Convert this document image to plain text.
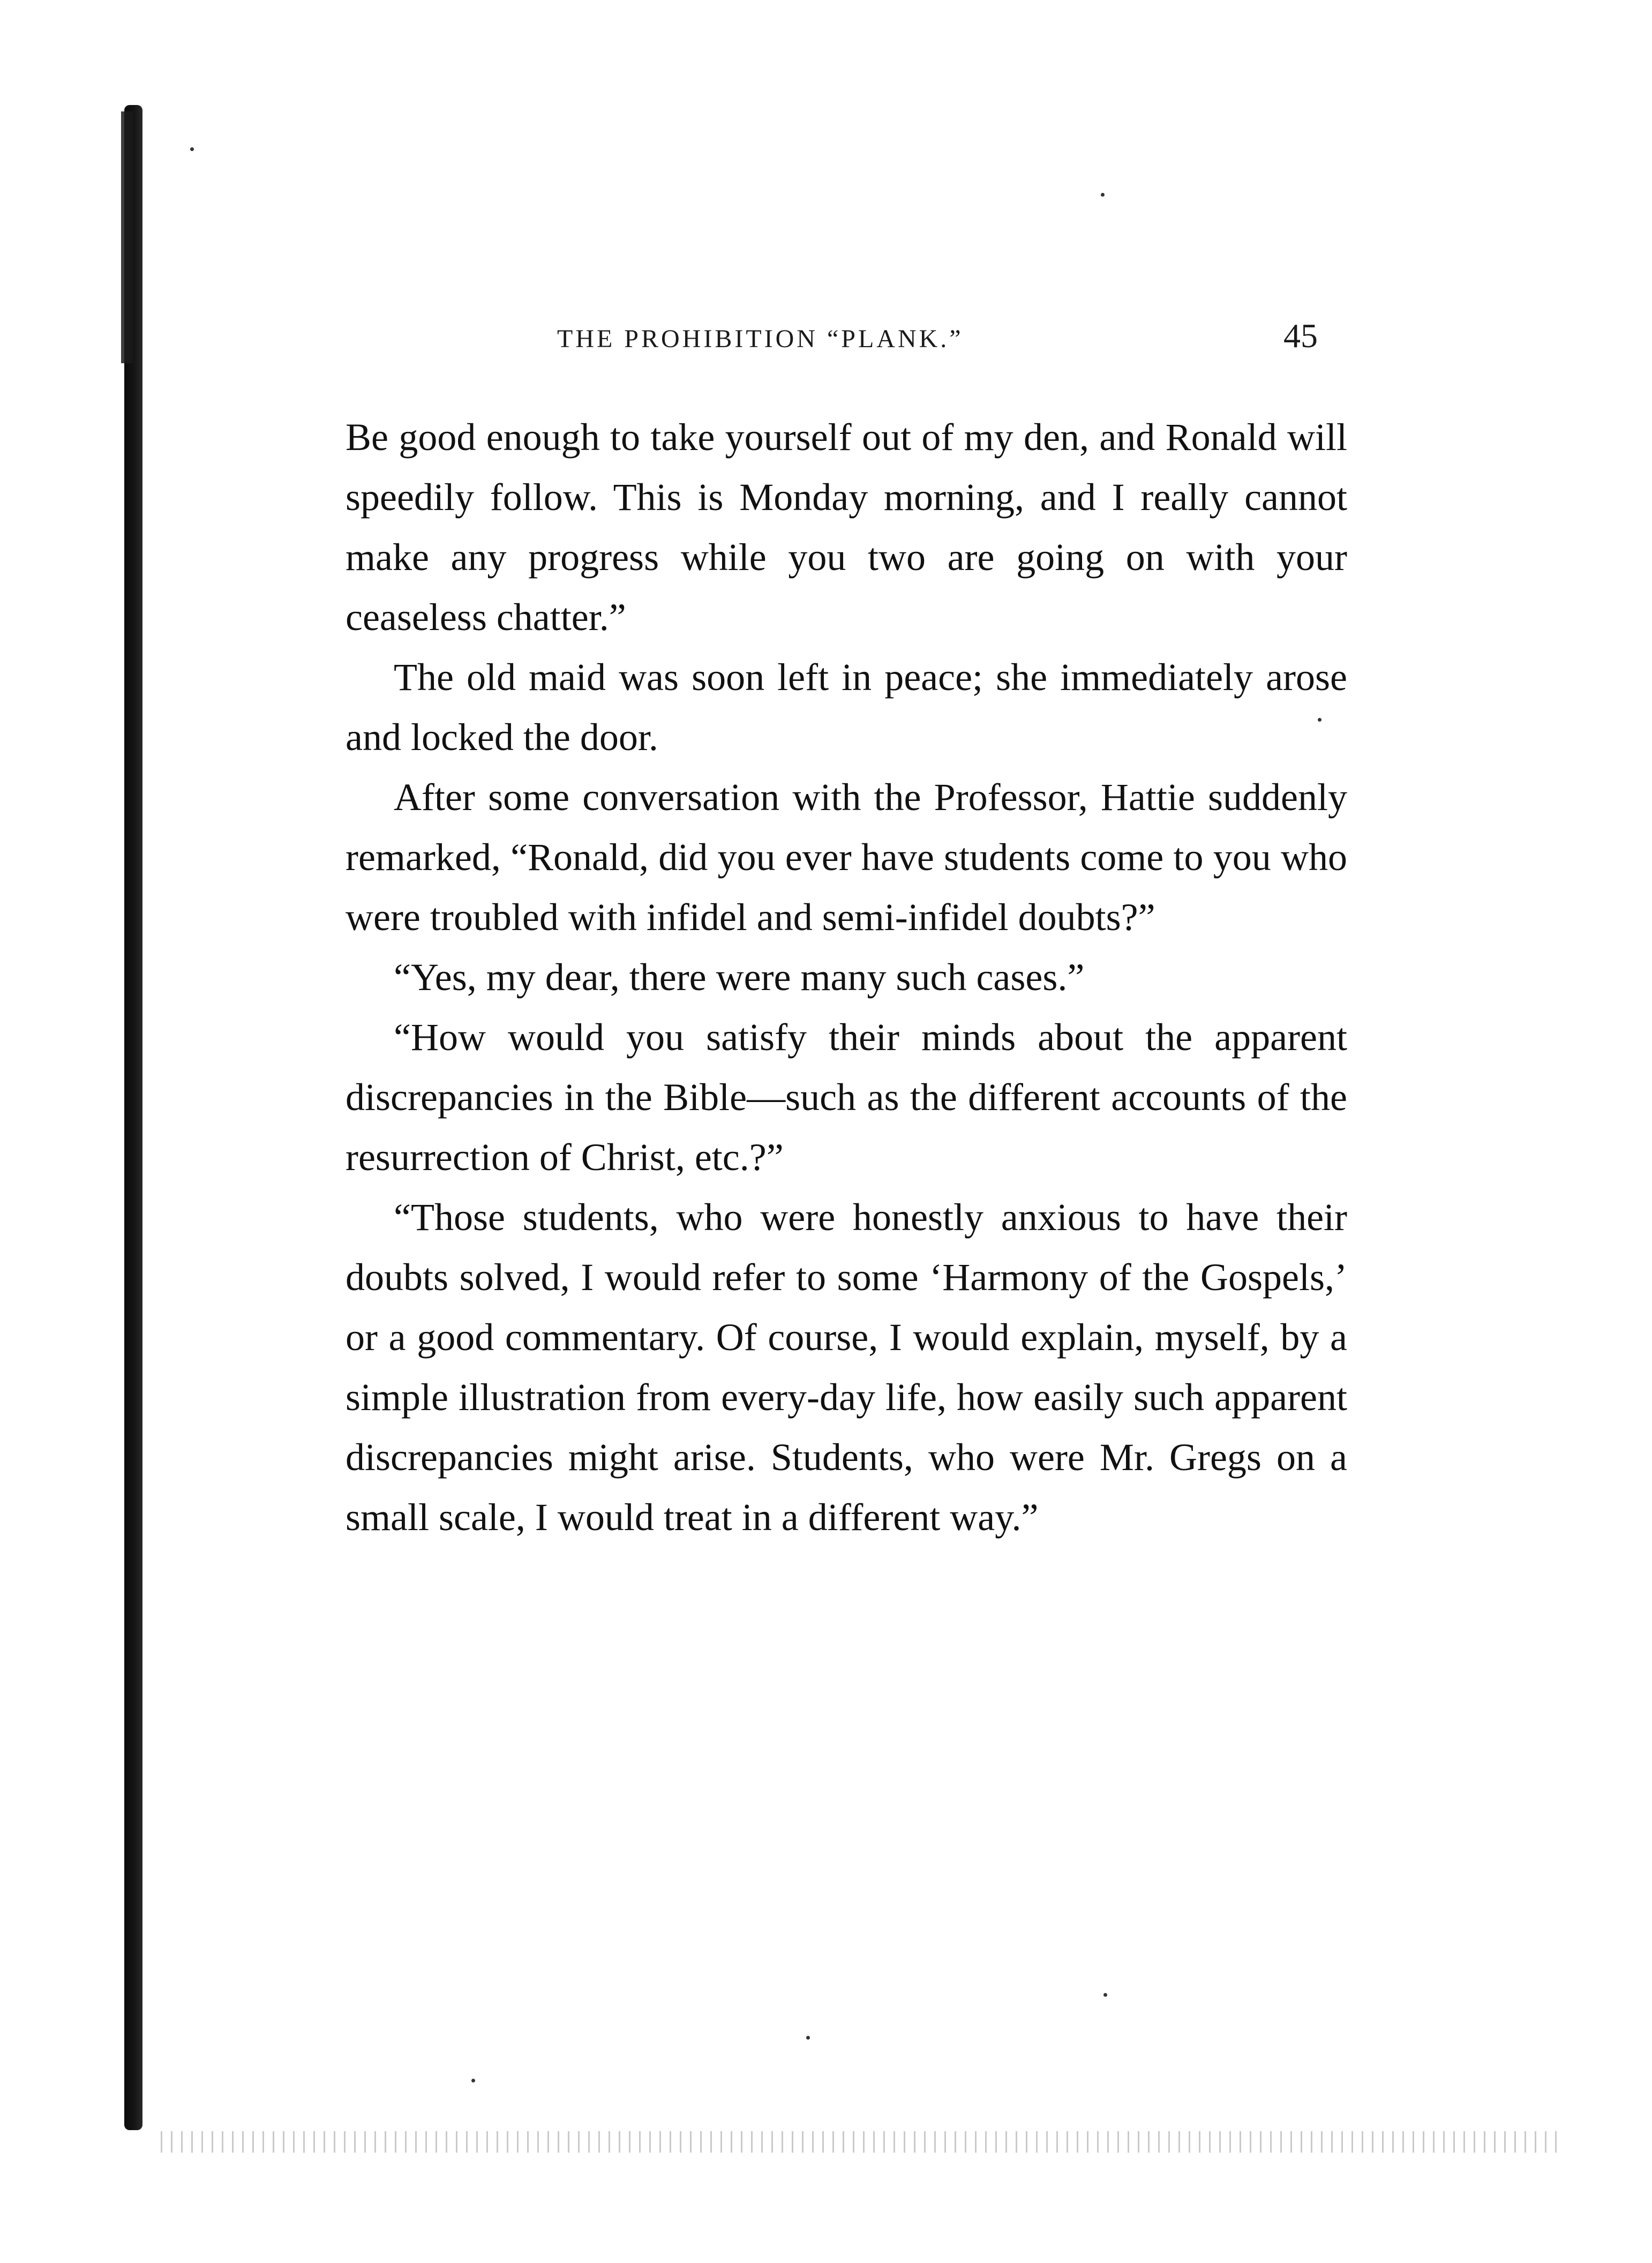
THE PROHIBITION “PLANK.”	45

Be good enough to take yourself out of my den, and Ronald will speedily follow. This is Monday morning, and I really cannot make any progress while you two are going on with your ceaseless chatter.”

The old maid was soon left in peace; she immediately arose and locked the door.

After some conversation with the Professor, Hattie suddenly remarked, “Ronald, did you ever have students come to you who were troubled with infidel and semi-infidel doubts?”

“Yes, my dear, there were many such cases.”

“How would you satisfy their minds about the apparent discrepancies in the Bible—such as the different accounts of the resurrection of Christ, etc.?”

“Those students, who were honestly anxious to have their doubts solved, I would refer to some ‘Harmony of the Gospels,’ or a good commentary. Of course, I would explain, myself, by a simple illustration from every-day life, how easily such apparent discrepancies might arise. Students, who were Mr. Gregs on a small scale, I would treat in a different way.”
